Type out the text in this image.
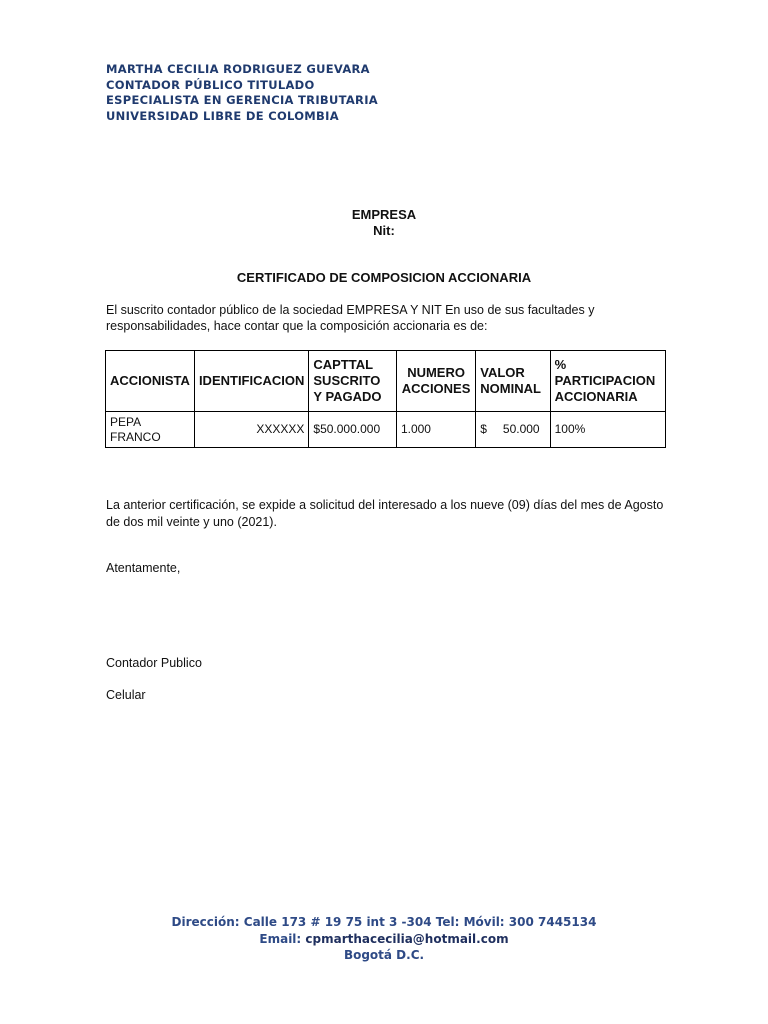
MARTHA CECILIA RODRIGUEZ GUEVARA
CONTADOR PÚBLICO TITULADO
ESPECIALISTA EN GERENCIA TRIBUTARIA
UNIVERSIDAD LIBRE DE COLOMBIA
EMPRESA
Nit:
CERTIFICADO DE COMPOSICION ACCIONARIA
El suscrito contador público de la sociedad EMPRESA Y NIT En uso de sus facultades y responsabilidades, hace contar que la composición accionaria es de:
ACCIONISTA	IDENTIFICACION	CAPTTAL SUSCRITO Y PAGADO	NUMERO ACCIONES	VALOR NOMINAL	% PARTICIPACION ACCIONARIA
PEPA FRANCO	XXXXXX	$50.000.000	1.000	$ 50.000	100%
La anterior certificación, se expide a solicitud del interesado a los nueve (09) días del mes de Agosto de dos mil veinte y uno (2021).
Atentamente,
Contador Publico
Celular
Dirección: Calle 173 # 19 75 int 3 -304 Tel: Móvil: 300 7445134
Email: cpmarthacecilia@hotmail.com
Bogotá D.C.
